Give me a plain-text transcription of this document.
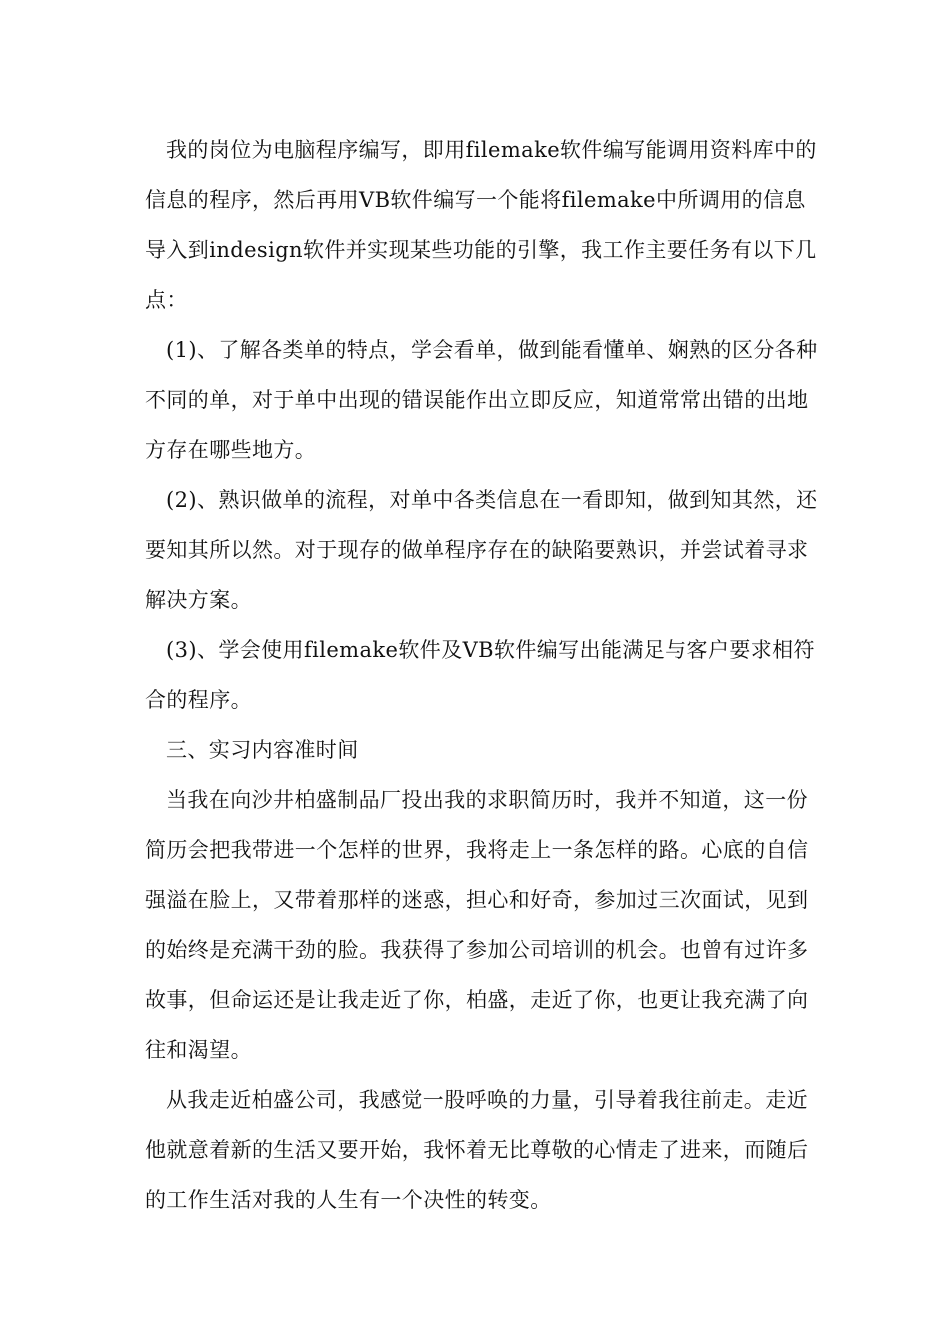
我的岗位为电脑程序编写，即用filemake软件编写能调用资料库中的信息的程序，然后再用VB软件编写一个能将filemake中所调用的信息导入到indesign软件并实现某些功能的引擎，我工作主要任务有以下几点：

(1)、了解各类单的特点，学会看单，做到能看懂单、娴熟的区分各种不同的单，对于单中出现的错误能作出立即反应，知道常常出错的出地方存在哪些地方。

(2)、熟识做单的流程，对单中各类信息在一看即知，做到知其然，还要知其所以然。对于现存的做单程序存在的缺陷要熟识，并尝试着寻求解决方案。

(3)、学会使用filemake软件及VB软件编写出能满足与客户要求相符合的程序。

三、实习内容准时间

当我在向沙井柏盛制品厂投出我的求职简历时，我并不知道，这一份简历会把我带进一个怎样的世界，我将走上一条怎样的路。心底的自信强溢在脸上，又带着那样的迷惑，担心和好奇，参加过三次面试，见到的始终是充满干劲的脸。我获得了参加公司培训的机会。也曾有过许多故事，但命运还是让我走近了你，柏盛，走近了你，也更让我充满了向往和渴望。

从我走近柏盛公司，我感觉一股呼唤的力量，引导着我往前走。走近他就意着新的生活又要开始，我怀着无比尊敬的心情走了进来，而随后的工作生活对我的人生有一个决性的转变。
